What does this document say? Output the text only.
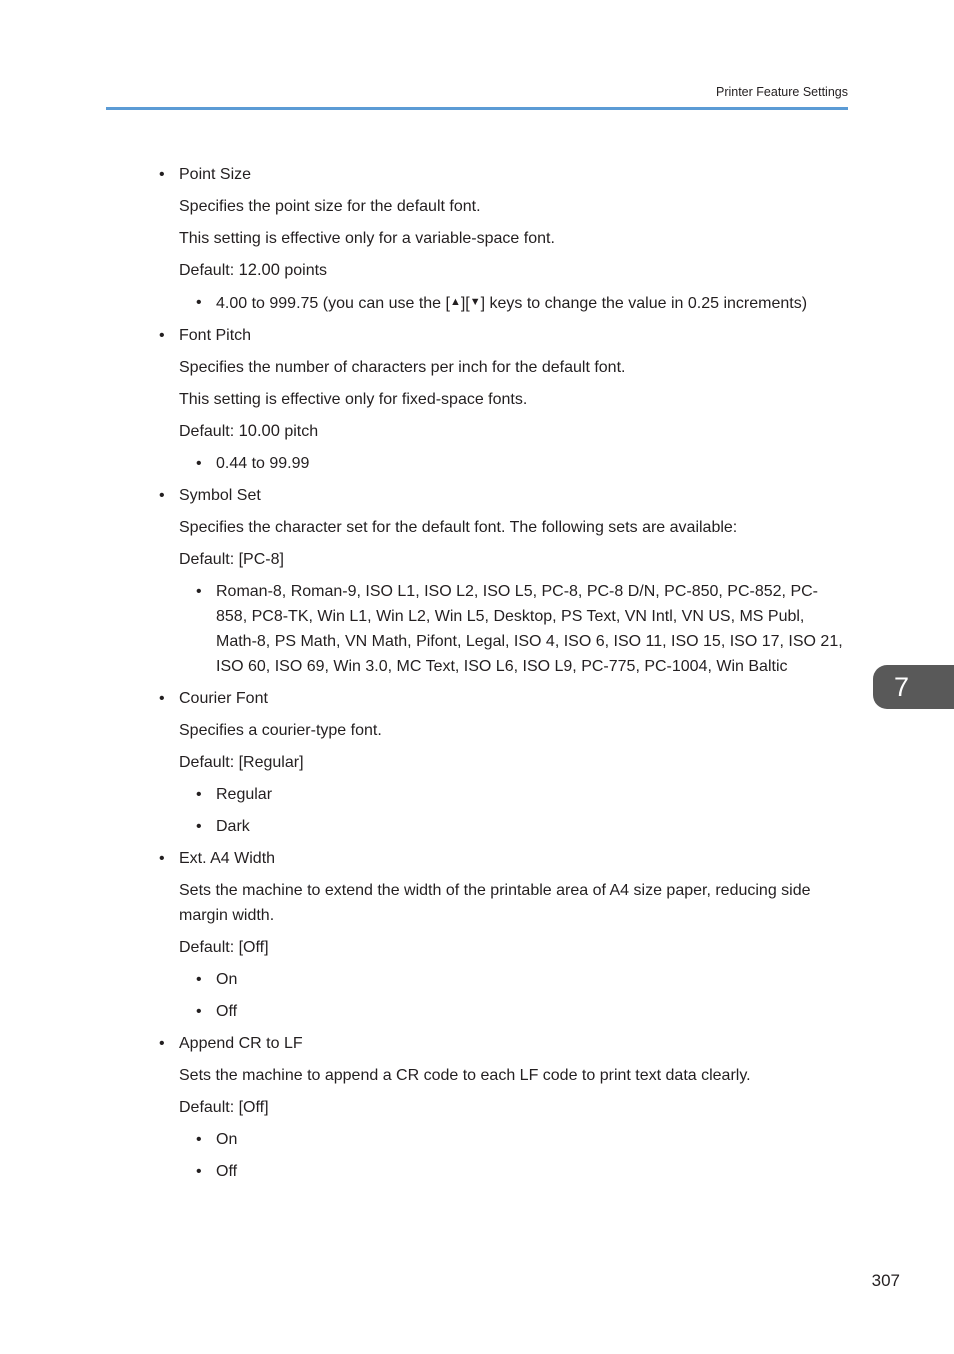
Printer Feature Settings
• Point Size
Specifies the point size for the default font.
This setting is effective only for a variable-space font.
Default: 12.00 points
• 4.00 to 999.75 (you can use the [▲][▼] keys to change the value in 0.25 increments)
• Font Pitch
Specifies the number of characters per inch for the default font.
This setting is effective only for fixed-space fonts.
Default: 10.00 pitch
• 0.44 to 99.99
• Symbol Set
Specifies the character set for the default font. The following sets are available:
Default: [PC-8]
• Roman-8, Roman-9, ISO L1, ISO L2, ISO L5, PC-8, PC-8 D/N, PC-850, PC-852, PC-858, PC8-TK, Win L1, Win L2, Win L5, Desktop, PS Text, VN Intl, VN US, MS Publ, Math-8, PS Math, VN Math, Pifont, Legal, ISO 4, ISO 6, ISO 11, ISO 15, ISO 17, ISO 21, ISO 60, ISO 69, Win 3.0, MC Text, ISO L6, ISO L9, PC-775, PC-1004, Win Baltic
• Courier Font
Specifies a courier-type font.
Default: [Regular]
• Regular
• Dark
• Ext. A4 Width
Sets the machine to extend the width of the printable area of A4 size paper, reducing side margin width.
Default: [Off]
• On
• Off
• Append CR to LF
Sets the machine to append a CR code to each LF code to print text data clearly.
Default: [Off]
• On
• Off
7
307
